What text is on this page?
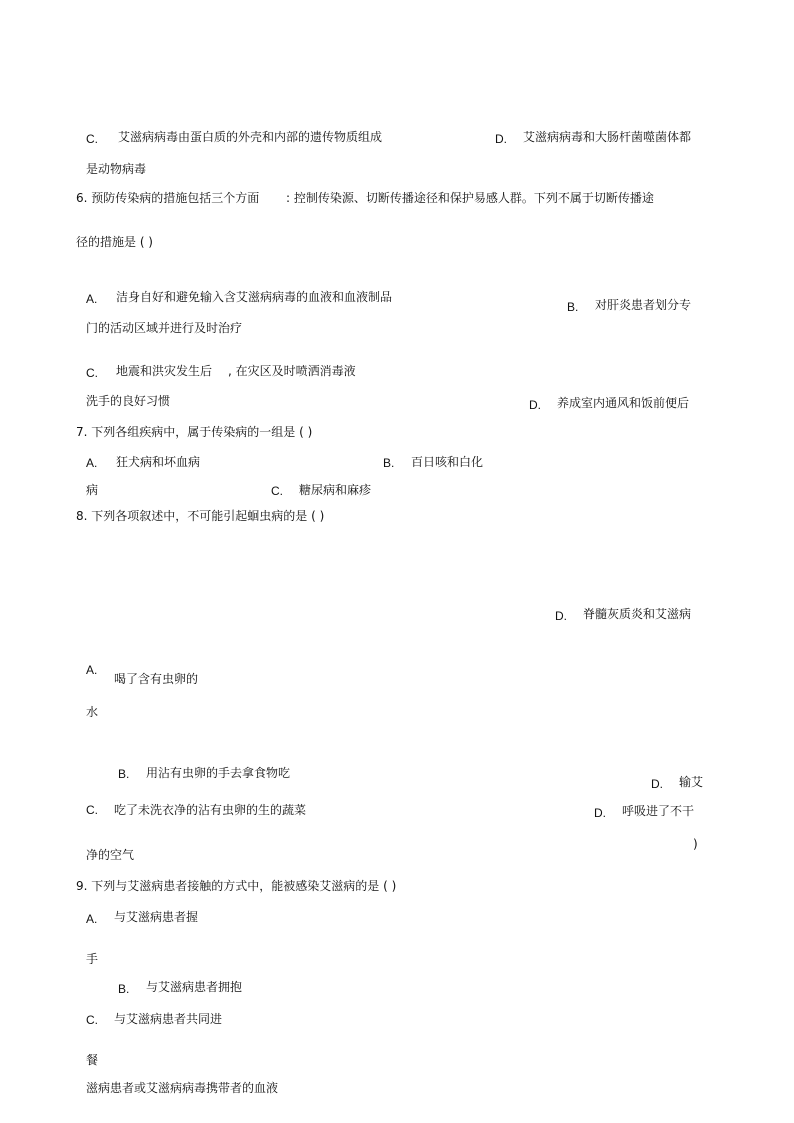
C. 艾滋病病毒由蛋白质的外壳和内部的遗传物质组成	D. 艾滋病病毒和大肠杆菌噬菌体都
是动物病毒
6. 预防传染病的措施包括三个方面 : 控制传染源、切断传播途径和保护易感人群。下列不属于切断传播途
径的措施是 ( )
A. 洁身自好和避免输入含艾滋病病毒的血液和血液制品
B. 对肝炎患者划分专
门的活动区域并进行及时治疗
C. 地震和洪灾发生后 , 在灾区及时喷洒消毒液
洗手的良好习惯	D. 养成室内通风和饭前便后
7. 下列各组疾病中，属于传染病的一组是 ( )
A. 狂犬病和坏血病	B. 百日咳和白化
病	C. 糖尿病和麻疹
8. 下列各项叙述中，不可能引起蛔虫病的是 ( )
D. 脊髓灰质炎和艾滋病
A.
喝了含有虫卵的
水
B. 用沾有虫卵的手去拿食物吃
D. 输艾
C. 吃了未洗衣净的沾有虫卵的生的蔬菜	D. 呼吸进了不干
)
净的空气
9. 下列与艾滋病患者接触的方式中，能被感染艾滋病的是 ( )
A. 与艾滋病患者握
手
B. 与艾滋病患者拥抱
C. 与艾滋病患者共同进
餐
滋病患者或艾滋病病毒携带者的血液
